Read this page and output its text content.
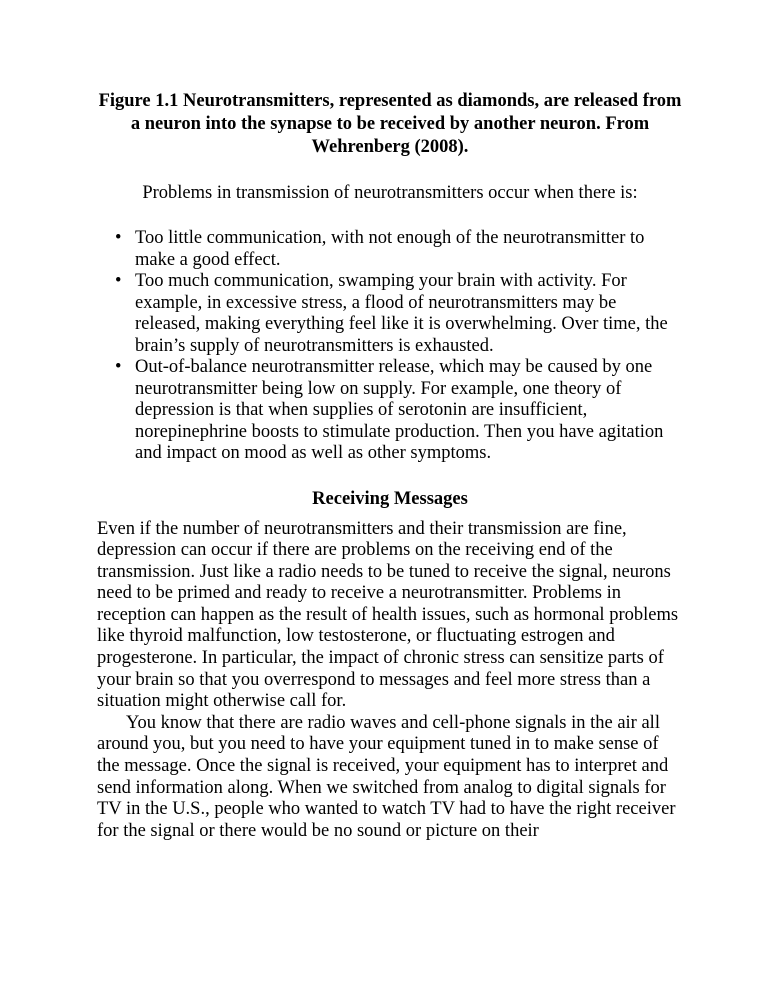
Figure 1.1 Neurotransmitters, represented as diamonds, are released from a neuron into the synapse to be received by another neuron. From Wehrenberg (2008).

Problems in transmission of neurotransmitters occur when there is:

• Too little communication, with not enough of the neurotransmitter to make a good effect.
• Too much communication, swamping your brain with activity. For example, in excessive stress, a flood of neurotransmitters may be released, making everything feel like it is overwhelming. Over time, the brain’s supply of neurotransmitters is exhausted.
• Out-of-balance neurotransmitter release, which may be caused by one neurotransmitter being low on supply. For example, one theory of depression is that when supplies of serotonin are insufficient, norepinephrine boosts to stimulate production. Then you have agitation and impact on mood as well as other symptoms.
Receiving Messages

Even if the number of neurotransmitters and their transmission are fine, depression can occur if there are problems on the receiving end of the transmission. Just like a radio needs to be tuned to receive the signal, neurons need to be primed and ready to receive a neurotransmitter. Problems in reception can happen as the result of health issues, such as hormonal problems like thyroid malfunction, low testosterone, or fluctuating estrogen and progesterone. In particular, the impact of chronic stress can sensitize parts of your brain so that you overrespond to messages and feel more stress than a situation might otherwise call for.

You know that there are radio waves and cell-phone signals in the air all around you, but you need to have your equipment tuned in to make sense of the message. Once the signal is received, your equipment has to interpret and send information along. When we switched from analog to digital signals for TV in the U.S., people who wanted to watch TV had to have the right receiver for the signal or there would be no sound or picture on their
